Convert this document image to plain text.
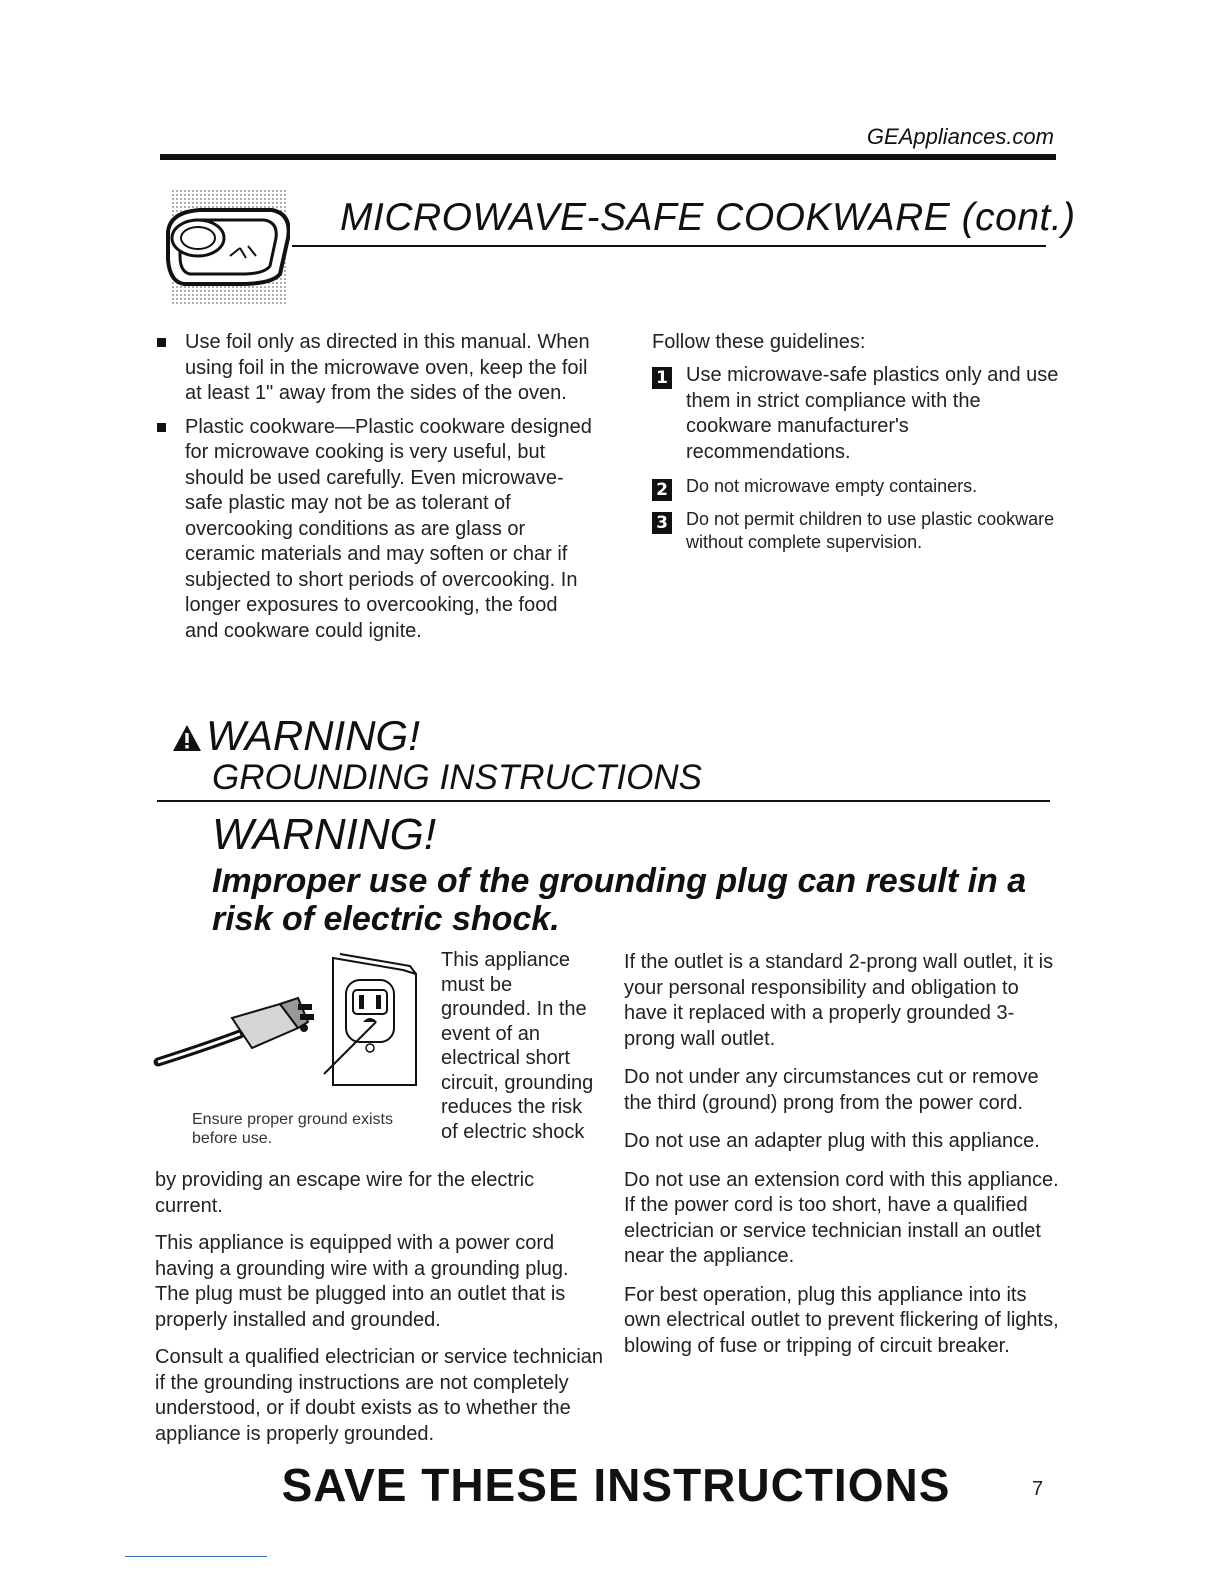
GEAppliances.com
MICROWAVE-SAFE COOKWARE (cont.)
Use foil only as directed in this manual. When using foil in the microwave oven, keep the foil at least 1" away from the sides of the oven.
Plastic cookware—Plastic cookware designed for microwave cooking is very useful, but should be used carefully. Even microwave-safe plastic may not be as tolerant of overcooking conditions as are glass or ceramic materials and may soften or char if subjected to short periods of overcooking. In longer exposures to overcooking, the food and cookware could ignite.
Follow these guidelines:
1 Use microwave-safe plastics only and use them in strict compliance with the cookware manufacturer's recommendations.
2 Do not microwave empty containers.
3 Do not permit children to use plastic cookware without complete supervision.
WARNING!
GROUNDING INSTRUCTIONS
WARNING!
Improper use of the grounding plug can result in a risk of electric shock.
Ensure proper ground exists before use.
This appliance must be grounded. In the event of an electrical short circuit, grounding reduces the risk of electric shock

by providing an escape wire for the electric current.

This appliance is equipped with a power cord having a grounding wire with a grounding plug. The plug must be plugged into an outlet that is properly installed and grounded.

Consult a qualified electrician or service technician if the grounding instructions are not completely understood, or if doubt exists as to whether the appliance is properly grounded.

If the outlet is a standard 2-prong wall outlet, it is your personal responsibility and obligation to have it replaced with a properly grounded 3-prong wall outlet.

Do not under any circumstances cut or remove the third (ground) prong from the power cord.

Do not use an adapter plug with this appliance.

Do not use an extension cord with this appliance. If the power cord is too short, have a qualified electrician or service technician install an outlet near the appliance.

For best operation, plug this appliance into its own electrical outlet to prevent flickering of lights, blowing of fuse or tripping of circuit breaker.

SAVE THESE INSTRUCTIONS	7
